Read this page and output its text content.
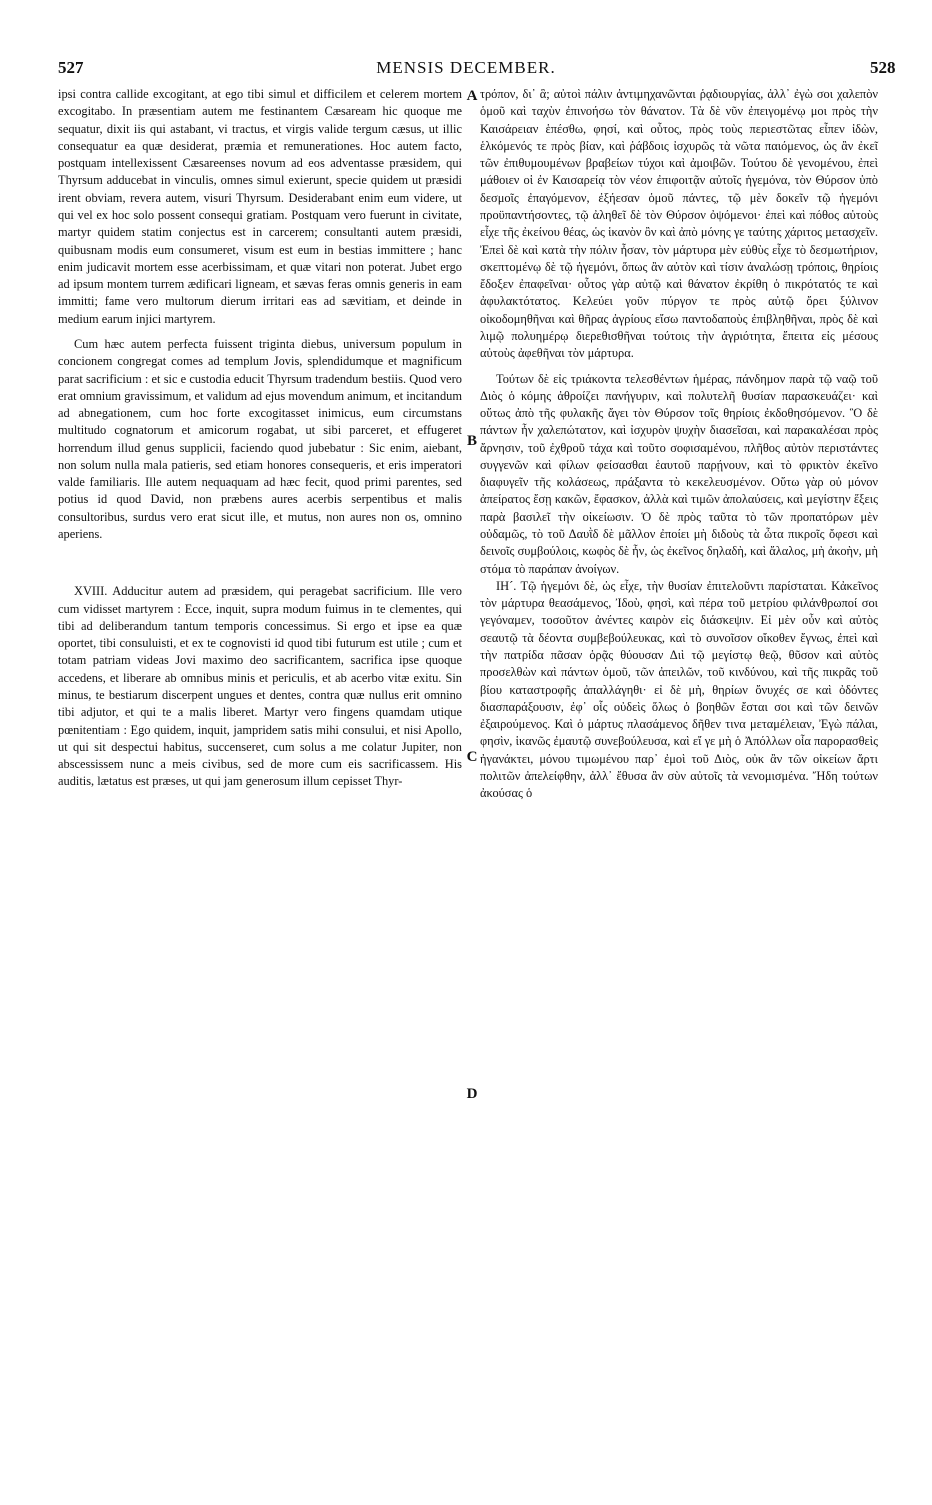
527	MENSIS DECEMBER.	528

ipsi contra callide excogitant, at ego tibi simul et difficilem et celerem mortem excogitabo. In præsentiam autem me festinantem Cæsaream hic quoque me sequatur, dixit iis qui astabant, vi tractus, et virgis valide tergum cæsus, ut illic consequatur ea quæ desiderat, præmia et remunerationes. Hoc autem facto, postquam intellexissent Cæsareenses novum ad eos adventasse præsidem, qui Thyrsum adducebat in vinculis, omnes simul exierunt, specie quidem ut præsidi irent obviam, revera autem, visuri Thyrsum. Desiderabant enim eum videre, ut qui vel ex hoc solo possent consequi gratiam. Postquam vero fuerunt in civitate, martyr quidem statim conjectus est in carcerem; consultanti autem præsidi, quibusnam modis eum consumeret, visum est eum in bestias immittere ; hanc enim judicavit mortem esse acerbissimam, et quæ vitari non poterat. Jubet ergo ad ipsum montem turrem ædificari ligneam, et sævas feras omnis generis in eam immitti; fame vero multorum dierum irritari eas ad sævitiam, et deinde in medium earum injici martyrem.

Cum hæc autem perfecta fuissent triginta diebus, universum populum in concionem congregat comes ad templum Jovis, splendidumque et magnificum parat sacrificium : et sic e custodia educit Thyrsum tradendum bestiis. Quod vero erat omnium gravissimum, et validum ad ejus movendum animum, et incitandum ad abnegationem, cum hoc forte excogitasset inimicus, eum circumstans multitudo cognatorum et amicorum rogabat, ut sibi parceret, et effugeret horrendum illud genus supplicii, faciendo quod jubebatur : Sic enim, aiebant, non solum nulla mala patieris, sed etiam honores consequeris, et eris imperatori valde familiaris. Ille autem nequaquam ad hæc fecit, quod primi parentes, sed potius id quod David, non præbens aures acerbis serpentibus et malis consultoribus, surdus vero erat sicut ille, et mutus, non aures non os, omnino aperiens.

XVIII. Adducitur autem ad præsidem, qui peragebat sacrificium. Ille vero cum vidisset martyrem : Ecce, inquit, supra modum fuimus in te clementes, qui tibi ad deliberandum tantum temporis concessimus. Si ergo et ipse ea quæ oportet, tibi consuluisti, et ex te cognovisti id quod tibi futurum est utile ; cum et totam patriam videas Jovi maximo deo sacrificantem, sacrifica ipse quoque accedens, et liberare ab omnibus minis et periculis, et ab acerbo vitæ exitu. Sin minus, te bestiarum discerpent ungues et dentes, contra quæ nullus erit omnino tibi adjutor, et qui te a malis liberet. Martyr vero fingens quamdam utique pœnitentiam : Ego quidem, inquit, jampridem satis mihi consului, et nisi Apollo, ut qui sit despectui habitus, succenseret, cum solus a me colatur Jupiter, non abscessissem nunc a meis civibus, sed de more cum eis sacrificassem. His auditis, lætatus est præses, ut qui jam generosum illum cepisset Thyr-

A
B
C
D

τρόπον, δι᾽ ἃ; αὐτοὶ πάλιν ἀντιμηχανῶνται ῥᾳδιουργίας, ἀλλ᾽ ἐγὼ σοι χαλεπὸν ὁμοῦ καὶ ταχὺν ἐπινοήσω τὸν θάνατον. Τὰ δὲ νῦν ἐπειγομένῳ μοι πρὸς τὴν Καισάρειαν ἑπέσθω, φησί, καὶ οὗτος, πρὸς τοὺς περιεστῶτας εἶπεν ἰδὼν, ἑλκόμενός τε πρὸς βίαν, καὶ ῥάβδοις ἰσχυρῶς τὰ νῶτα παιόμενος, ὡς ἂν ἐκεῖ τῶν ἐπιθυμουμένων βραβείων τύχοι καὶ ἀμοιβῶν. Τούτου δὲ γενομένου, ἐπεὶ μάθοιεν οἱ ἐν Καισαρείᾳ τὸν νέον ἐπιφοιτᾷν αὐτοῖς ἡγεμόνα, τὸν Θύρσον ὑπὸ δεσμοῖς ἐπαγόμενον, ἐξήεσαν ὁμοῦ πάντες, τῷ μὲν δοκεῖν τῷ ἡγεμόνι προϋπαντήσοντες, τῷ ἀληθεῖ δὲ τὸν Θύρσον ὀψόμενοι· ἐπεὶ καὶ πόθος αὐτοὺς εἶχε τῆς ἐκείνου θέας, ὡς ἱκανὸν ὂν καὶ ἀπὸ μόνης γε ταύτης χάριτος μετασχεῖν. Ἐπεὶ δὲ καὶ κατὰ τὴν πόλιν ἦσαν, τὸν μάρτυρα μὲν εὐθὺς εἶχε τὸ δεσμωτήριον, σκεπτομένῳ δὲ τῷ ἡγεμόνι, ὅπως ἂν αὐτὸν καὶ τίσιν ἀναλώσῃ τρόποις, θηρίοις ἔδοξεν ἐπαφεῖναι· οὗτος γὰρ αὐτῷ καὶ θάνατον ἐκρίθη ὁ πικρότατός τε καὶ ἀφυλακτότατος. Κελεύει γοῦν πύργον τε πρὸς αὐτῷ ὄρει ξύλινον οἰκοδομηθῆναι καὶ θῆρας ἀγρίους εἴσω παντοδαποὺς ἐπιβληθῆναι, πρὸς δὲ καὶ λιμῷ πολυημέρῳ διερεθισθῆναι τούτοις τὴν ἀγριότητα, ἔπειτα εἰς μέσους αὐτοὺς ἀφεθῆναι τὸν μάρτυρα.

Τούτων δὲ εἰς τριάκοντα τελεσθέντων ἡμέρας, πάνδημον παρὰ τῷ ναῷ τοῦ Διὸς ὁ κόμης ἀθροίζει πανήγυριν, καὶ πολυτελῆ θυσίαν παρασκευάζει· καὶ οὕτως ἀπὸ τῆς φυλακῆς ἄγει τὸν Θύρσον τοῖς θηρίοις ἐκδοθησόμενον. Ὃ δὲ πάντων ἦν χαλεπώτατον, καὶ ἰσχυρὸν ψυχὴν διασεῖσαι, καὶ παρακαλέσαι πρὸς ἄρνησιν, τοῦ ἐχθροῦ τάχα καὶ τοῦτο σοφισαμένου, πλῆθος αὐτὸν περιστάντες συγγενῶν καὶ φίλων φείσασθαι ἑαυτοῦ παρῄνουν, καὶ τὸ φρικτὸν ἐκεῖνο διαφυγεῖν τῆς κολάσεως, πράξαντα τὸ κεκελευσμένον. Οὕτω γὰρ οὐ μόνον ἀπείρατος ἔσῃ κακῶν, ἔφασκον, ἀλλὰ καὶ τιμῶν ἀπολαύσεις, καὶ μεγίστην ἕξεις παρὰ βασιλεῖ τὴν οἰκείωσιν. Ὁ δὲ πρὸς ταῦτα τὸ τῶν προπατόρων μὲν οὐδαμῶς, τὸ τοῦ Δαυῒδ δὲ μᾶλλον ἐποίει μὴ διδοὺς τὰ ὦτα πικροῖς ὄφεσι καὶ δεινοῖς συμβούλοις, κωφὸς δὲ ἦν, ὡς ἐκεῖνος δηλαδὴ, καὶ ἄλαλος, μὴ ἀκοὴν, μὴ στόμα τὸ παράπαν ἀνοίγων.

ΙΗ´. Τῷ ἡγεμόνι δὲ, ὡς εἶχε, τὴν θυσίαν ἐπιτελοῦντι παρίσταται. Κἀκεῖνος τὸν μάρτυρα θεασάμενος, Ἰδοὺ, φησὶ, καὶ πέρα τοῦ μετρίου φιλάνθρωποί σοι γεγόναμεν, τοσοῦτον ἀνέντες καιρὸν εἰς διάσκεψιν. Εἰ μὲν οὖν καὶ αὐτὸς σεαυτῷ τὰ δέοντα συμβεβούλευκας, καὶ τὸ συνοῖσον οἴκοθεν ἔγνως, ἐπεὶ καὶ τὴν πατρίδα πᾶσαν ὁρᾷς θύουσαν Διὶ τῷ μεγίστῳ θεῷ, θῦσον καὶ αὐτὸς προσελθὼν καὶ πάντων ὁμοῦ, τῶν ἀπειλῶν, τοῦ κινδύνου, καὶ τῆς πικρᾶς τοῦ βίου καταστροφῆς ἀπαλλάγηθι· εἰ δὲ μὴ, θηρίων ὄνυχές σε καὶ ὀδόντες διασπαράξουσιν, ἐφ᾽ οἷς οὐδεὶς ὅλως ὁ βοηθῶν ἔσται σοι καὶ τῶν δεινῶν ἐξαιρούμενος. Καὶ ὁ μάρτυς πλασάμενος δῆθεν τινα μεταμέλειαν, Ἐγὼ πάλαι, φησὶν, ἱκανῶς ἐμαυτῷ συνεβούλευσα, καὶ εἴ γε μὴ ὁ Ἀπόλλων οἷα παρορασθεὶς ἠγανάκτει, μόνου τιμωμένου παρ᾽ ἐμοὶ τοῦ Διὸς, οὐκ ἂν τῶν οἰκείων ἄρτι πολιτῶν ἀπελείφθην, ἀλλ᾽ ἔθυσα ἂν σὺν αὐτοῖς τὰ νενομισμένα. Ἤδη τούτων ἀκούσας ὁ
